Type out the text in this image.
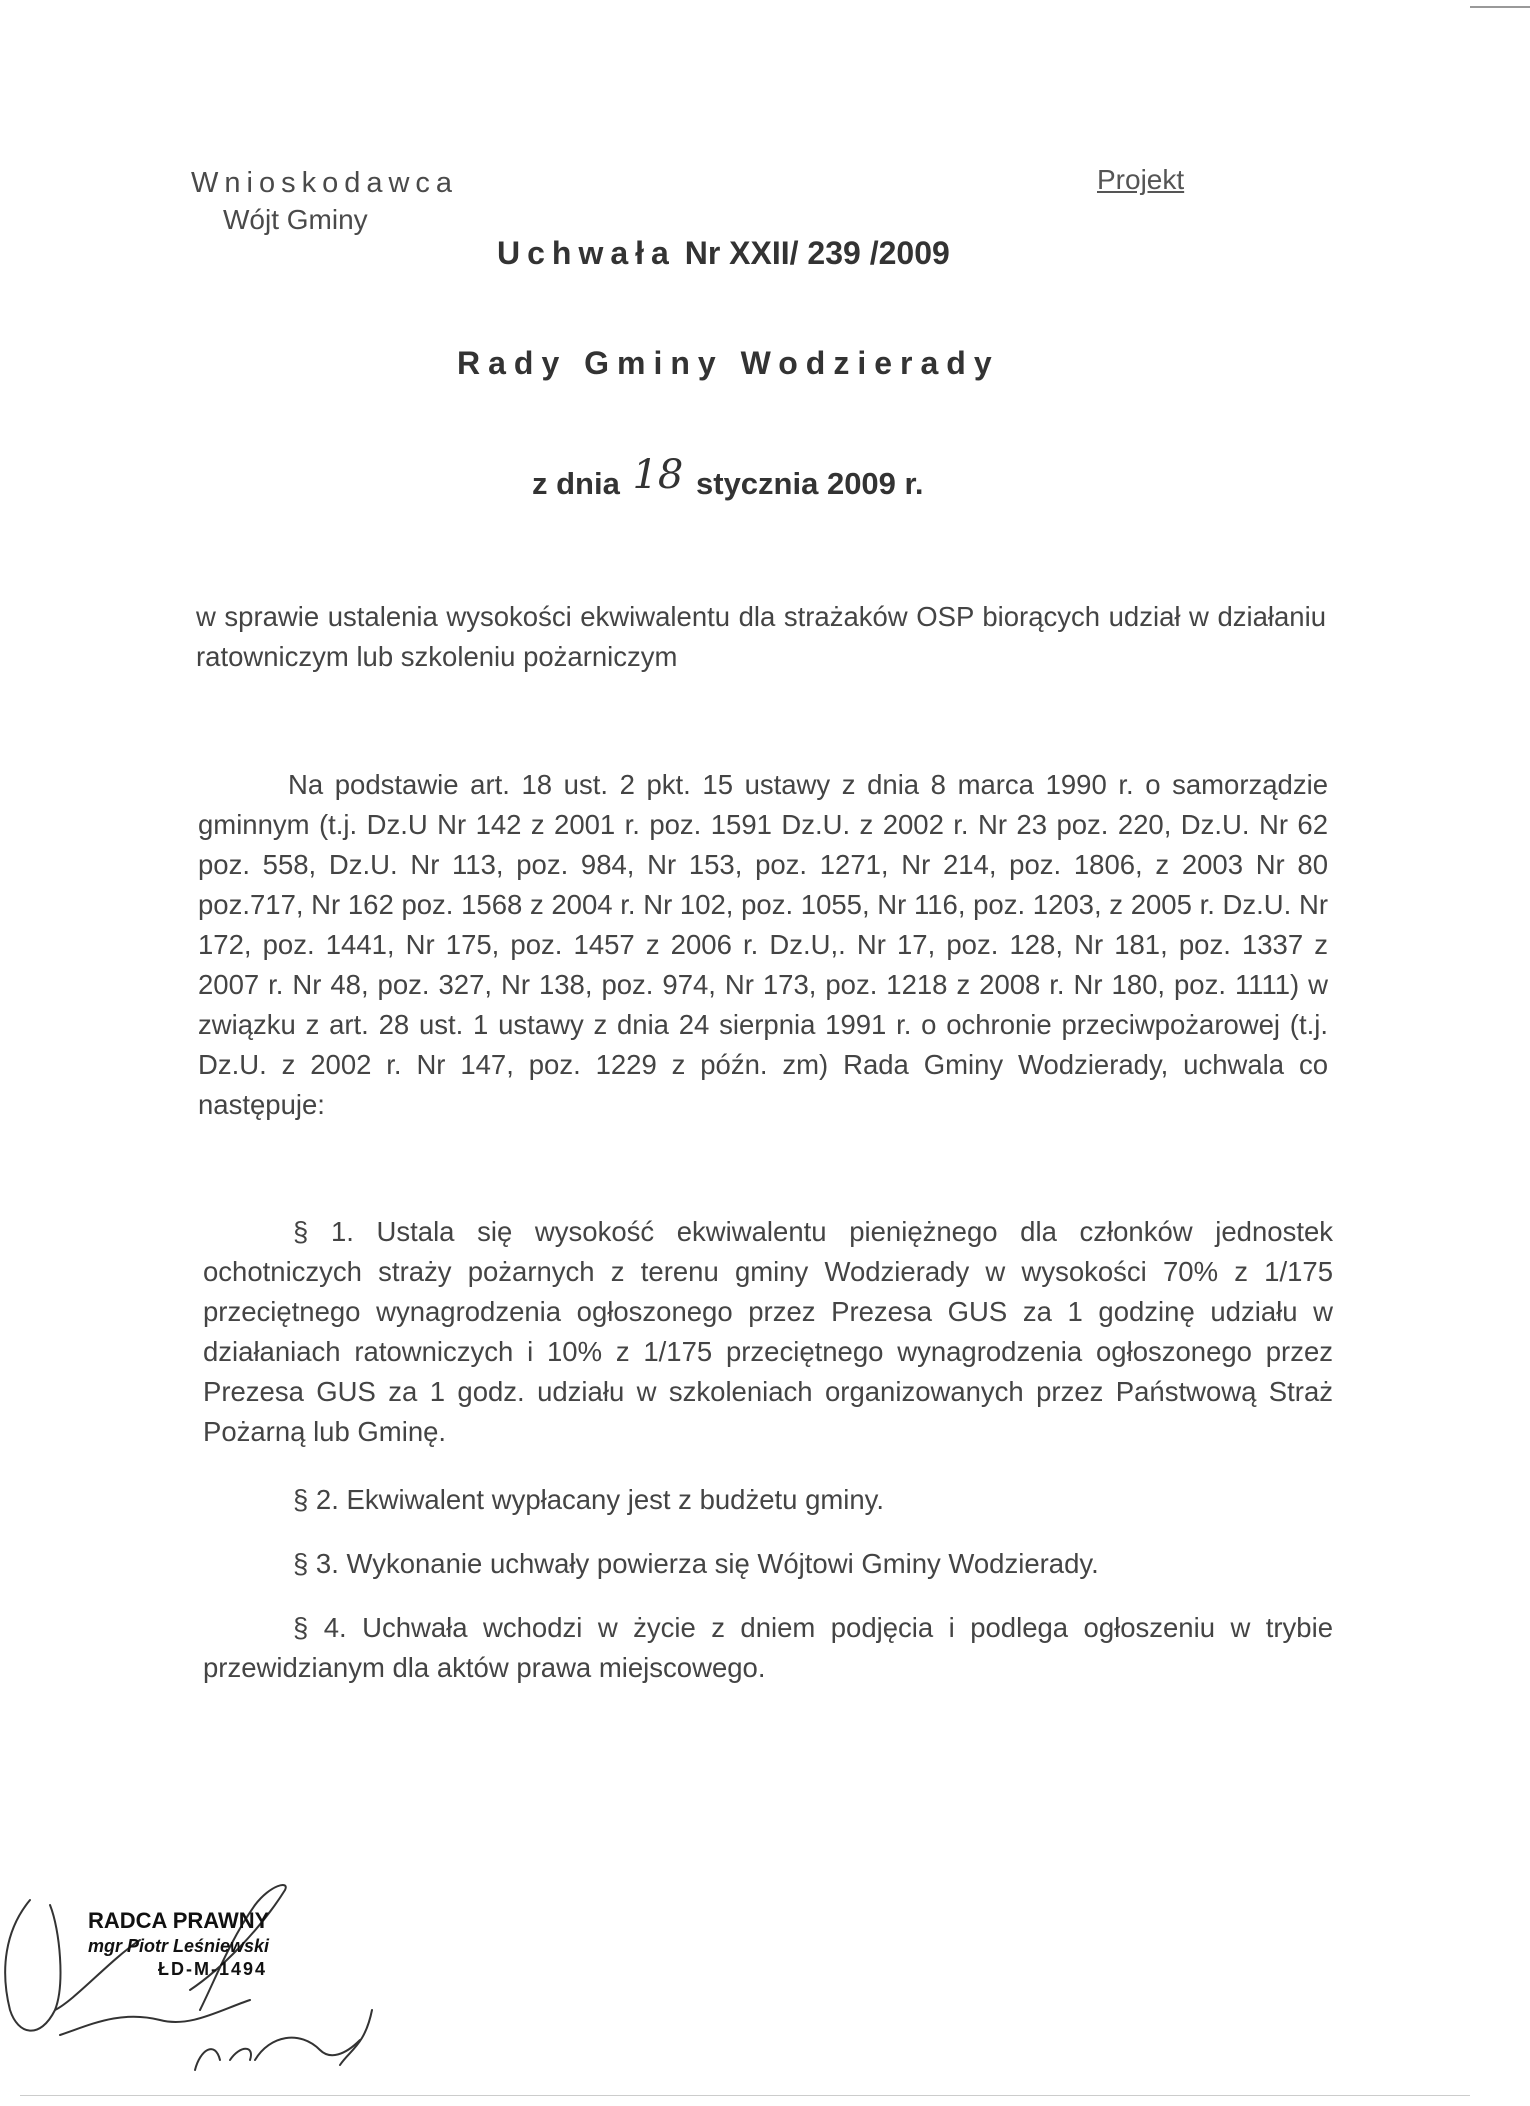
Wnioskodawca
Wójt Gminy
Projekt
Uchwała Nr XXII/ 239 /2009
Rady Gminy Wodzierady
z dnia 18 stycznia 2009 r.
w sprawie ustalenia wysokości ekwiwalentu dla strażaków OSP biorących udział w działaniu ratowniczym lub szkoleniu pożarniczym
Na podstawie art. 18 ust. 2 pkt. 15 ustawy z dnia 8 marca 1990 r. o samorządzie gminnym (t.j. Dz.U Nr 142 z 2001 r. poz. 1591 Dz.U. z 2002 r. Nr 23 poz. 220, Dz.U. Nr 62 poz. 558, Dz.U. Nr 113, poz. 984, Nr 153, poz. 1271, Nr 214, poz. 1806, z 2003 Nr 80 poz.717, Nr 162 poz. 1568 z 2004 r. Nr 102, poz. 1055, Nr 116, poz. 1203, z 2005 r. Dz.U. Nr 172, poz. 1441, Nr 175, poz. 1457 z 2006 r. Dz.U,. Nr 17, poz. 128, Nr 181, poz. 1337 z 2007 r. Nr 48, poz. 327, Nr 138, poz. 974, Nr 173, poz. 1218 z 2008 r. Nr 180, poz. 1111) w związku z art. 28 ust. 1 ustawy z dnia 24 sierpnia 1991 r. o ochronie przeciwpożarowej (t.j. Dz.U. z 2002 r. Nr 147, poz. 1229 z późn. zm) Rada Gminy Wodzierady, uchwala co następuje:
§ 1. Ustala się wysokość ekwiwalentu pieniężnego dla członków jednostek ochotniczych straży pożarnych z terenu gminy Wodzierady w wysokości 70% z 1/175 przeciętnego wynagrodzenia ogłoszonego przez Prezesa GUS za 1 godzinę udziału w działaniach ratowniczych i 10% z 1/175 przeciętnego wynagrodzenia ogłoszonego przez Prezesa GUS za 1 godz. udziału w szkoleniach organizowanych przez Państwową Straż Pożarną lub Gminę.
§ 2. Ekwiwalent wypłacany jest z budżetu gminy.
§ 3. Wykonanie uchwały powierza się Wójtowi Gminy Wodzierady.
§ 4. Uchwała wchodzi w życie z dniem podjęcia i podlega ogłoszeniu w trybie przewidzianym dla aktów prawa miejscowego.
RADCA PRAWNY
mgr Piotr Leśniewski
ŁD-M-1494
